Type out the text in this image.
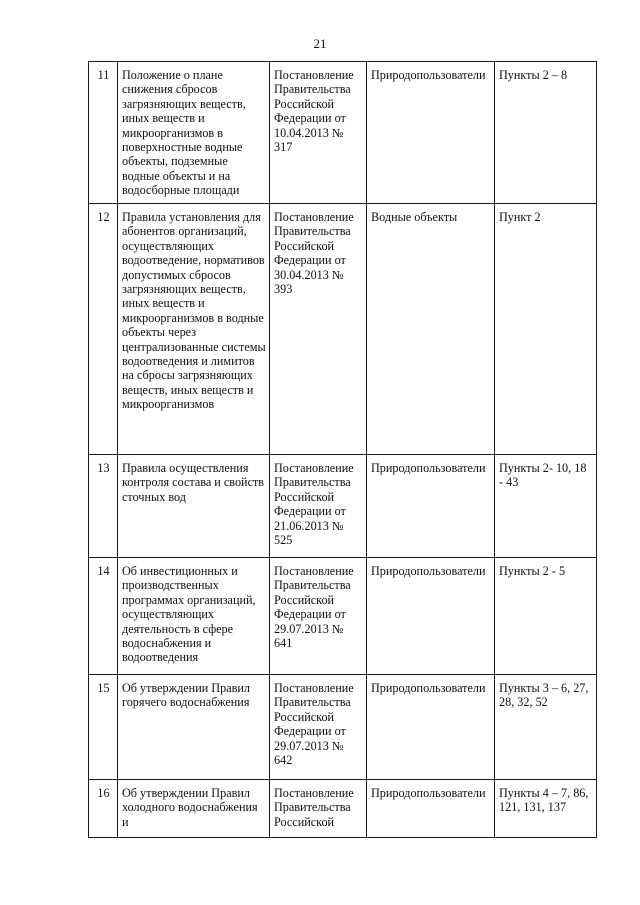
21
11	Положение о плане снижения сбросов загрязняющих веществ, иных веществ и микроорганизмов в поверхностные водные объекты, подземные водные объекты и на водосборные площади	Постановление Правительства Российской Федерации от 10.04.2013 № 317	Природопользователи	Пункты 2 – 8
12	Правила установления для абонентов организаций, осуществляющих водоотведение, нормативов допустимых сбросов загрязняющих веществ, иных веществ и микроорганизмов в водные объекты через централизованные системы водоотведения и лимитов на сбросы загрязняющих веществ, иных веществ и микроорганизмов	Постановление Правительства Российской Федерации от 30.04.2013 № 393	Водные объекты	Пункт 2
13	Правила осуществления контроля состава и свойств сточных вод	Постановление Правительства Российской Федерации от 21.06.2013 № 525	Природопользователи	Пункты 2- 10, 18 - 43
14	Об инвестиционных и производственных программах организаций, осуществляющих деятельность в сфере водоснабжения и водоотведения	Постановление Правительства Российской Федерации от 29.07.2013 № 641	Природопользователи	Пункты 2 - 5
15	Об утверждении Правил горячего водоснабжения	Постановление Правительства Российской Федерации от 29.07.2013 № 642	Природопользователи	Пункты 3 – 6, 27, 28, 32, 52
16	Об утверждении Правил холодного водоснабжения и	Постановление Правительства Российской	Природопользователи	Пункты 4 – 7, 86, 121, 131, 137
